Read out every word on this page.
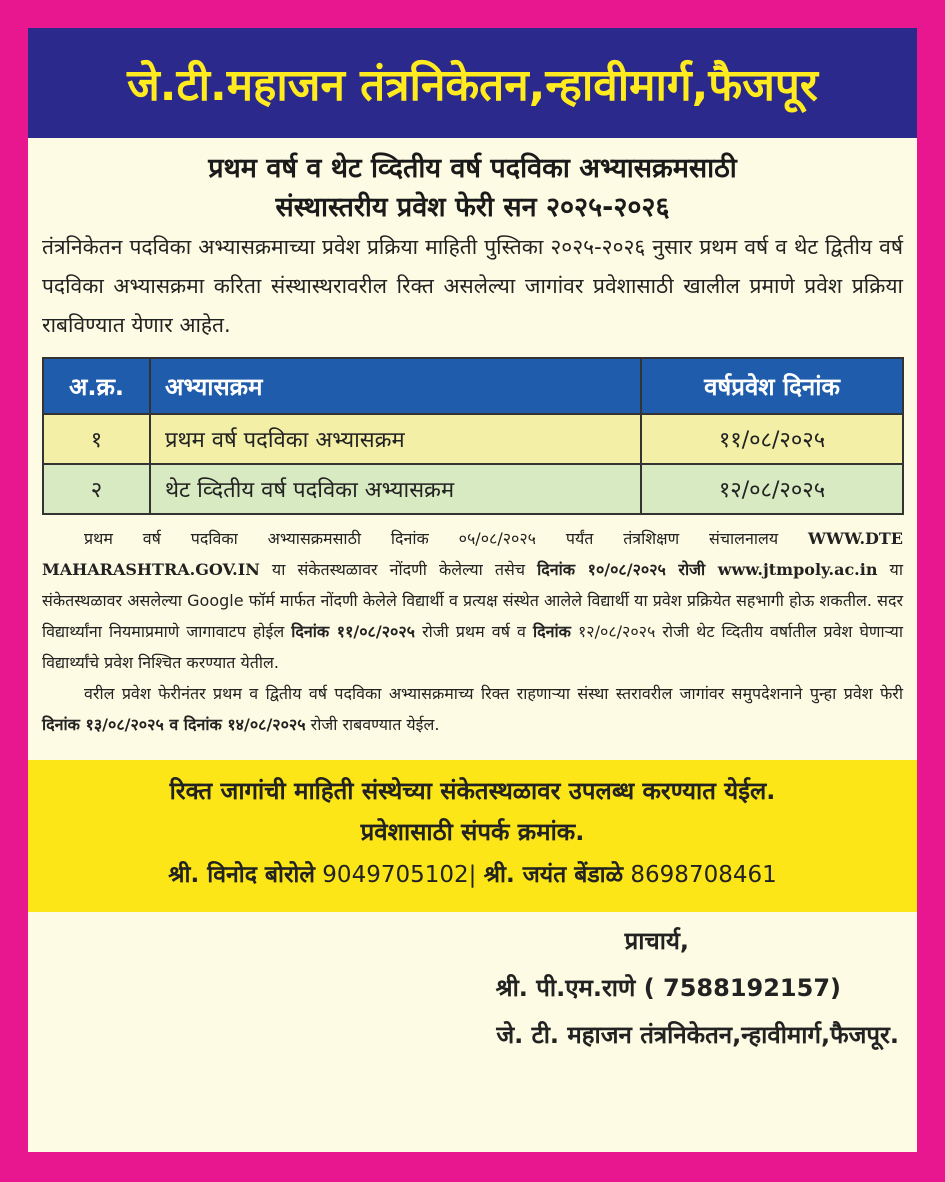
जे.टी.महाजन तंत्रनिकेतन,न्हावीमार्ग,फैजपूर
प्रथम वर्ष व थेट व्दितीय वर्ष पदविका अभ्यासक्रमसाठी
संस्थास्तरीय प्रवेश फेरी सन २०२५-२०२६
तंत्रनिकेतन पदविका अभ्यासक्रमाच्या प्रवेश प्रक्रिया माहिती पुस्तिका २०२५-२०२६ नुसार प्रथम वर्ष व थेट द्वितीय वर्ष पदविका अभ्यासक्रमा करिता संस्थास्थरावरील रिक्त असलेल्या जागांवर प्रवेशासाठी खालील प्रमाणे प्रवेश प्रक्रिया राबविण्यात येणार आहेत.
अ.क्र.	अभ्यासक्रम	वर्षप्रवेश दिनांक
१	प्रथम वर्ष पदविका अभ्यासक्रम	११/०८/२०२५
२	थेट व्दितीय वर्ष पदविका अभ्यासक्रम	१२/०८/२०२५

प्रथम वर्ष पदविका अभ्यासक्रमसाठी दिनांक ०५/०८/२०२५ पर्यंत तंत्रशिक्षण संचालनालय WWW.DTE MAHARASHTRA.GOV.IN या संकेतस्थळावर नोंदणी केलेल्या तसेच दिनांक १०/०८/२०२५ रोजी www.jtmpoly.ac.in या संकेतस्थळावर असलेल्या Google फॉर्म मार्फत नोंदणी केलेले विद्यार्थी व प्रत्यक्ष संस्थेत आलेले विद्यार्थी या प्रवेश प्रक्रियेत सहभागी होऊ शकतील. सदर विद्यार्थ्यांना नियमाप्रमाणे जागावाटप होईल दिनांक ११/०८/२०२५ रोजी प्रथम वर्ष व दिनांक १२/०८/२०२५ रोजी थेट व्दितीय वर्षातील प्रवेश घेणाऱ्या विद्यार्थ्यांचे प्रवेश निश्चित करण्यात येतील.

वरील प्रवेश फेरीनंतर प्रथम व द्वितीय वर्ष पदविका अभ्यासक्रमाच्य रिक्त राहणाऱ्या संस्था स्तरावरील जागांवर समुपदेशनाने पुन्हा प्रवेश फेरी दिनांक १३/०८/२०२५ व दिनांक १४/०८/२०२५ रोजी राबवण्यात येईल.

रिक्त जागांची माहिती संस्थेच्या संकेतस्थळावर उपलब्ध करण्यात येईल.
प्रवेशासाठी संपर्क क्रमांक.
श्री. विनोद बोरोले 9049705102| श्री. जयंत बेंडाळे 8698708461
प्राचार्य,
श्री. पी.एम.राणे ( 7588192157)
जे. टी. महाजन तंत्रनिकेतन,न्हावीमार्ग,फैजपूर.
